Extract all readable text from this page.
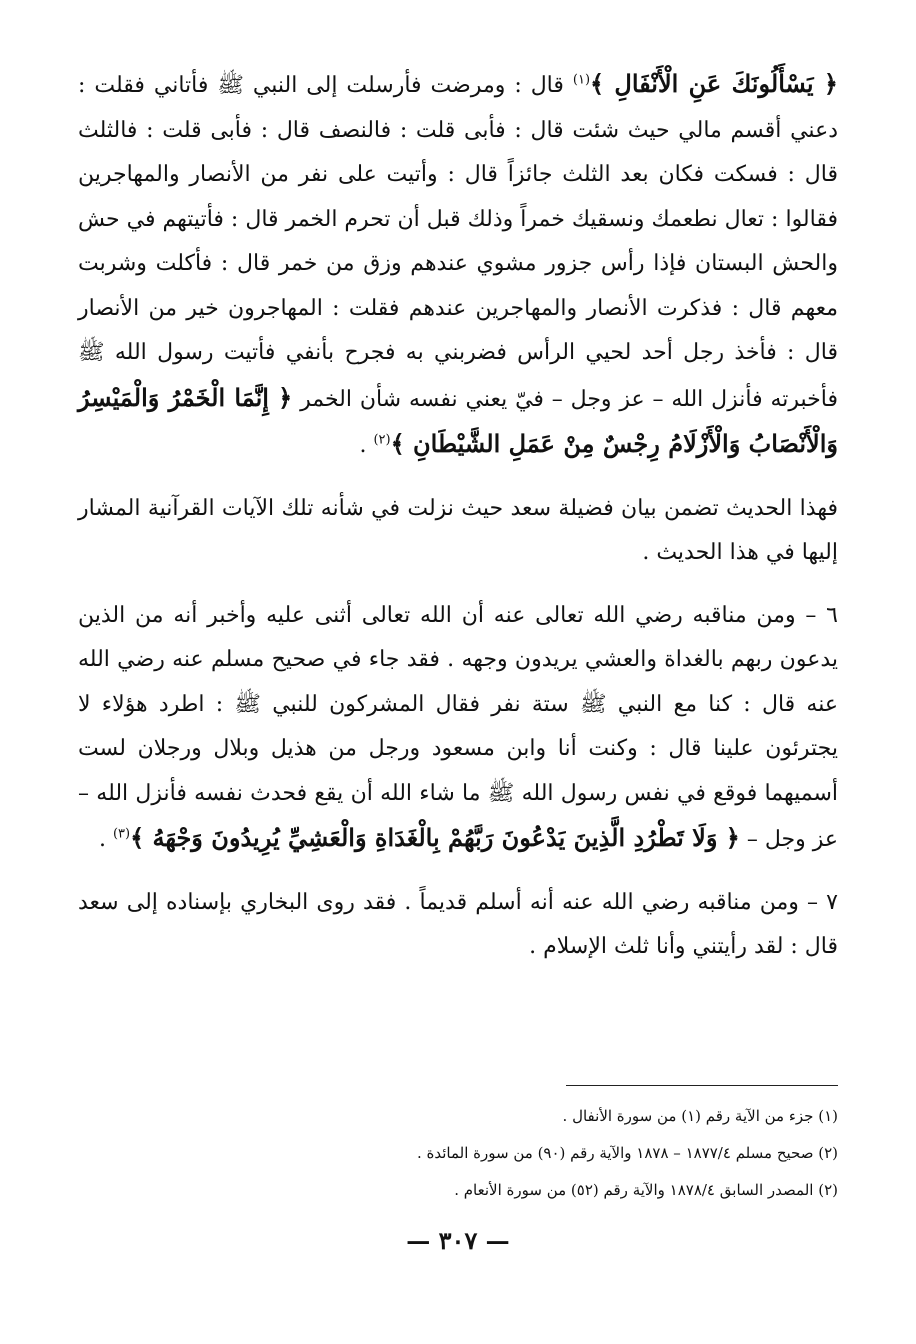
﴿ يَسْأَلُونَكَ عَنِ الْأَنْفَالِ ﴾$^{(١)}$ قال : ومرضت فأرسلت إلى النبي ﷺ فأتاني فقلت : دعني أقسم مالي حيث شئت قال : فأبى قلت : فالنصف قال : فأبى قلت : فالثلث قال : فسكت فكان بعد الثلث جائزاً قال : وأتيت على نفر من الأنصار والمهاجرين فقالوا : تعال نطعمك ونسقيك خمراً وذلك قبل أن تحرم الخمر قال : فأتيتهم في حش والحش البستان فإذا رأس جزور مشوي عندهم وزق من خمر قال : فأكلت وشربت معهم قال : فذكرت الأنصار والمهاجرين عندهم فقلت : المهاجرون خير من الأنصار قال : فأخذ رجل أحد لحيي الرأس فضربني به فجرح بأنفي فأتيت رسول الله ﷺ فأخبرته فأنزل الله – عز وجل – فيّ يعني نفسه شأن الخمر ﴿ إِنَّمَا الْخَمْرُ وَالْمَيْسِرُ وَالْأَنْصَابُ وَالْأَزْلَامُ رِجْسٌ مِنْ عَمَلِ الشَّيْطَانِ ﴾$^{(٢)}$ .

فهذا الحديث تضمن بيان فضيلة سعد حيث نزلت في شأنه تلك الآيات القرآنية المشار إليها في هذا الحديث .

٦ – ومن مناقبه رضي الله تعالى عنه أن الله تعالى أثنى عليه وأخبر أنه من الذين يدعون ربهم بالغداة والعشي يريدون وجهه . فقد جاء في صحيح مسلم عنه رضي الله عنه قال : كنا مع النبي ﷺ ستة نفر فقال المشركون للنبي ﷺ : اطرد هؤلاء لا يجترئون علينا قال : وكنت أنا وابن مسعود ورجل من هذيل وبلال ورجلان لست أسميهما فوقع في نفس رسول الله ﷺ ما شاء الله أن يقع فحدث نفسه فأنزل الله – عز وجل – ﴿ وَلَا تَطْرُدِ الَّذِينَ يَدْعُونَ رَبَّهُمْ بِالْغَدَاةِ وَالْعَشِيِّ يُرِيدُونَ وَجْهَهُ ﴾$^{(٣)}$ .

٧ – ومن مناقبه رضي الله عنه أنه أسلم قديماً . فقد روى البخاري بإسناده إلى سعد قال : لقد رأيتني وأنا ثلث الإسلام .

(١) جزء من الآية رقم (١) من سورة الأنفال .

(٢) صحيح مسلم ١٨٧٧/٤ – ١٨٧٨ والآية رقم (٩٠) من سورة المائدة .

(٢) المصدر السابق ١٨٧٨/٤ والآية رقم (٥٢) من سورة الأنعام .

— ٣٠٧ —
